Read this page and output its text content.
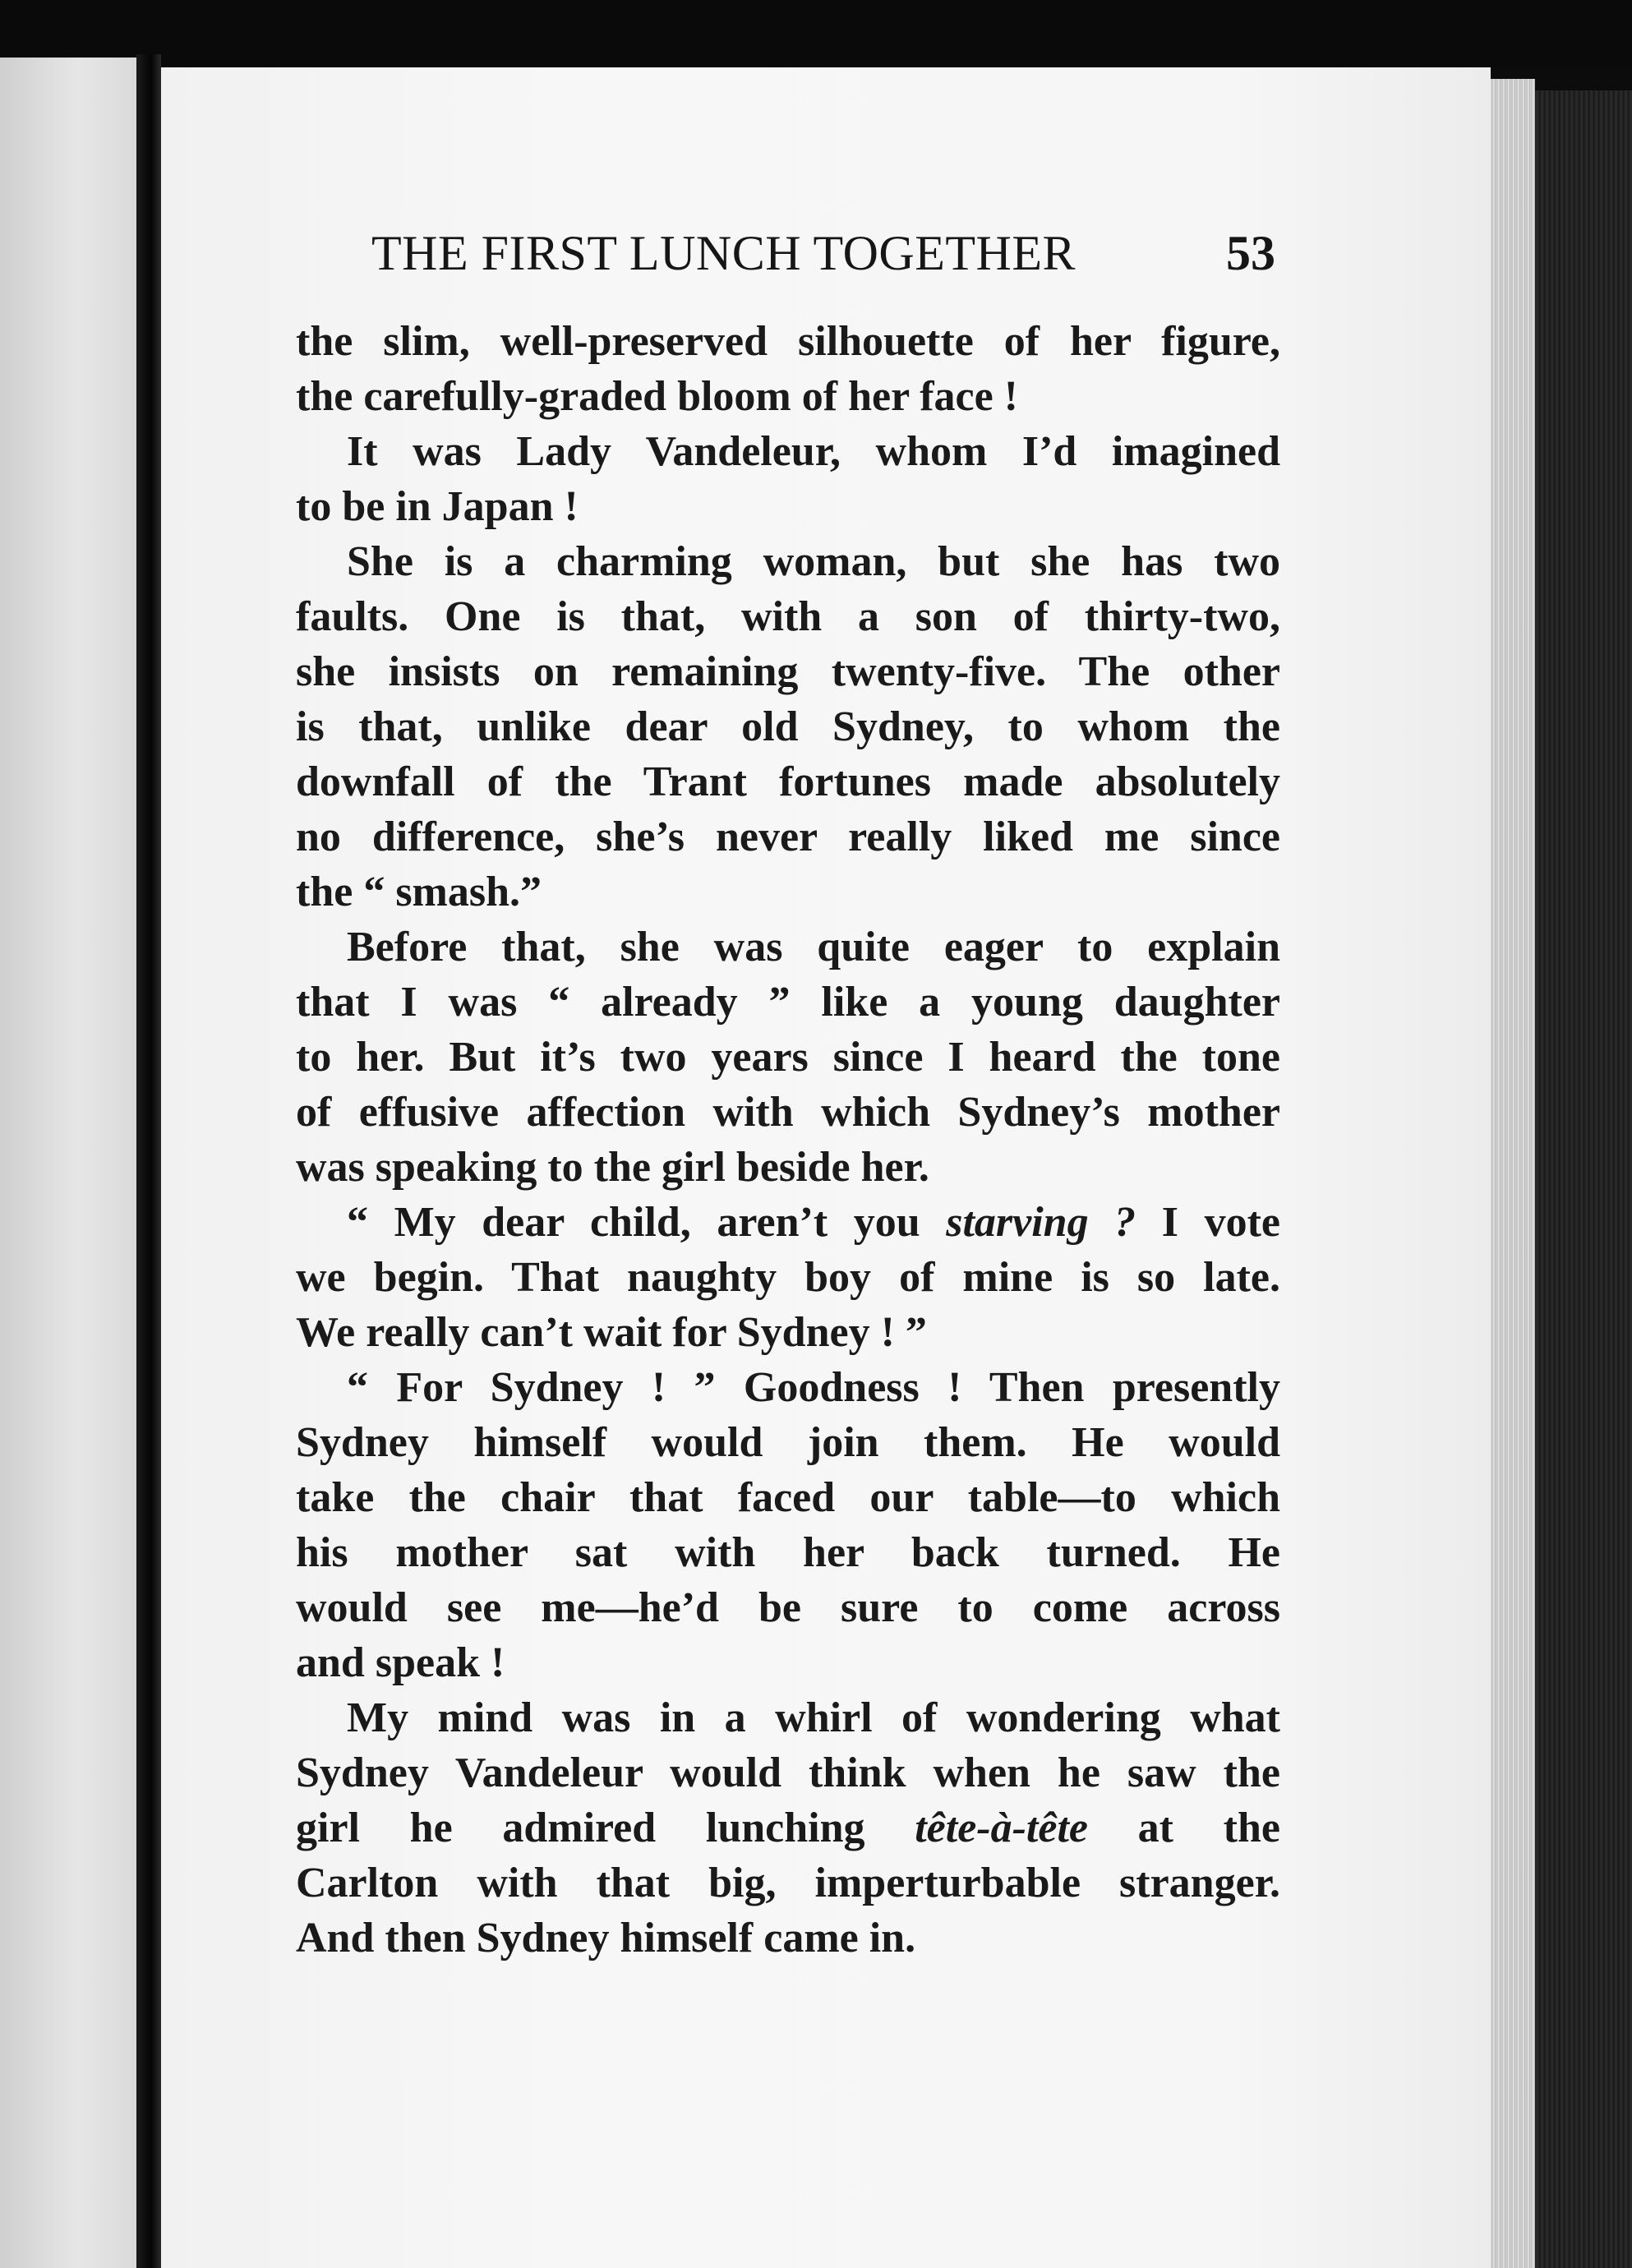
THE FIRST LUNCH TOGETHER	53
the slim, well-preserved silhouette of her figure,
the carefully-graded bloom of her face !
It was Lady Vandeleur, whom I’d imagined
to be in Japan !
She is a charming woman, but she has two
faults. One is that, with a son of thirty-two,
she insists on remaining twenty-five. The other
is that, unlike dear old Sydney, to whom the
downfall of the Trant fortunes made absolutely
no difference, she’s never really liked me since
the “ smash.”
Before that, she was quite eager to explain
that I was “ already ” like a young daughter
to her. But it’s two years since I heard the tone
of effusive affection with which Sydney’s mother
was speaking to the girl beside her.
“ My dear child, aren’t you starving ? I vote
we begin. That naughty boy of mine is so late.
We really can’t wait for Sydney ! ”
“ For Sydney ! ” Goodness ! Then presently
Sydney himself would join them. He would
take the chair that faced our table—to which
his mother sat with her back turned. He
would see me—he’d be sure to come across
and speak !
My mind was in a whirl of wondering what
Sydney Vandeleur would think when he saw the
girl he admired lunching tête-à-tête at the
Carlton with that big, imperturbable stranger.
And then Sydney himself came in.
